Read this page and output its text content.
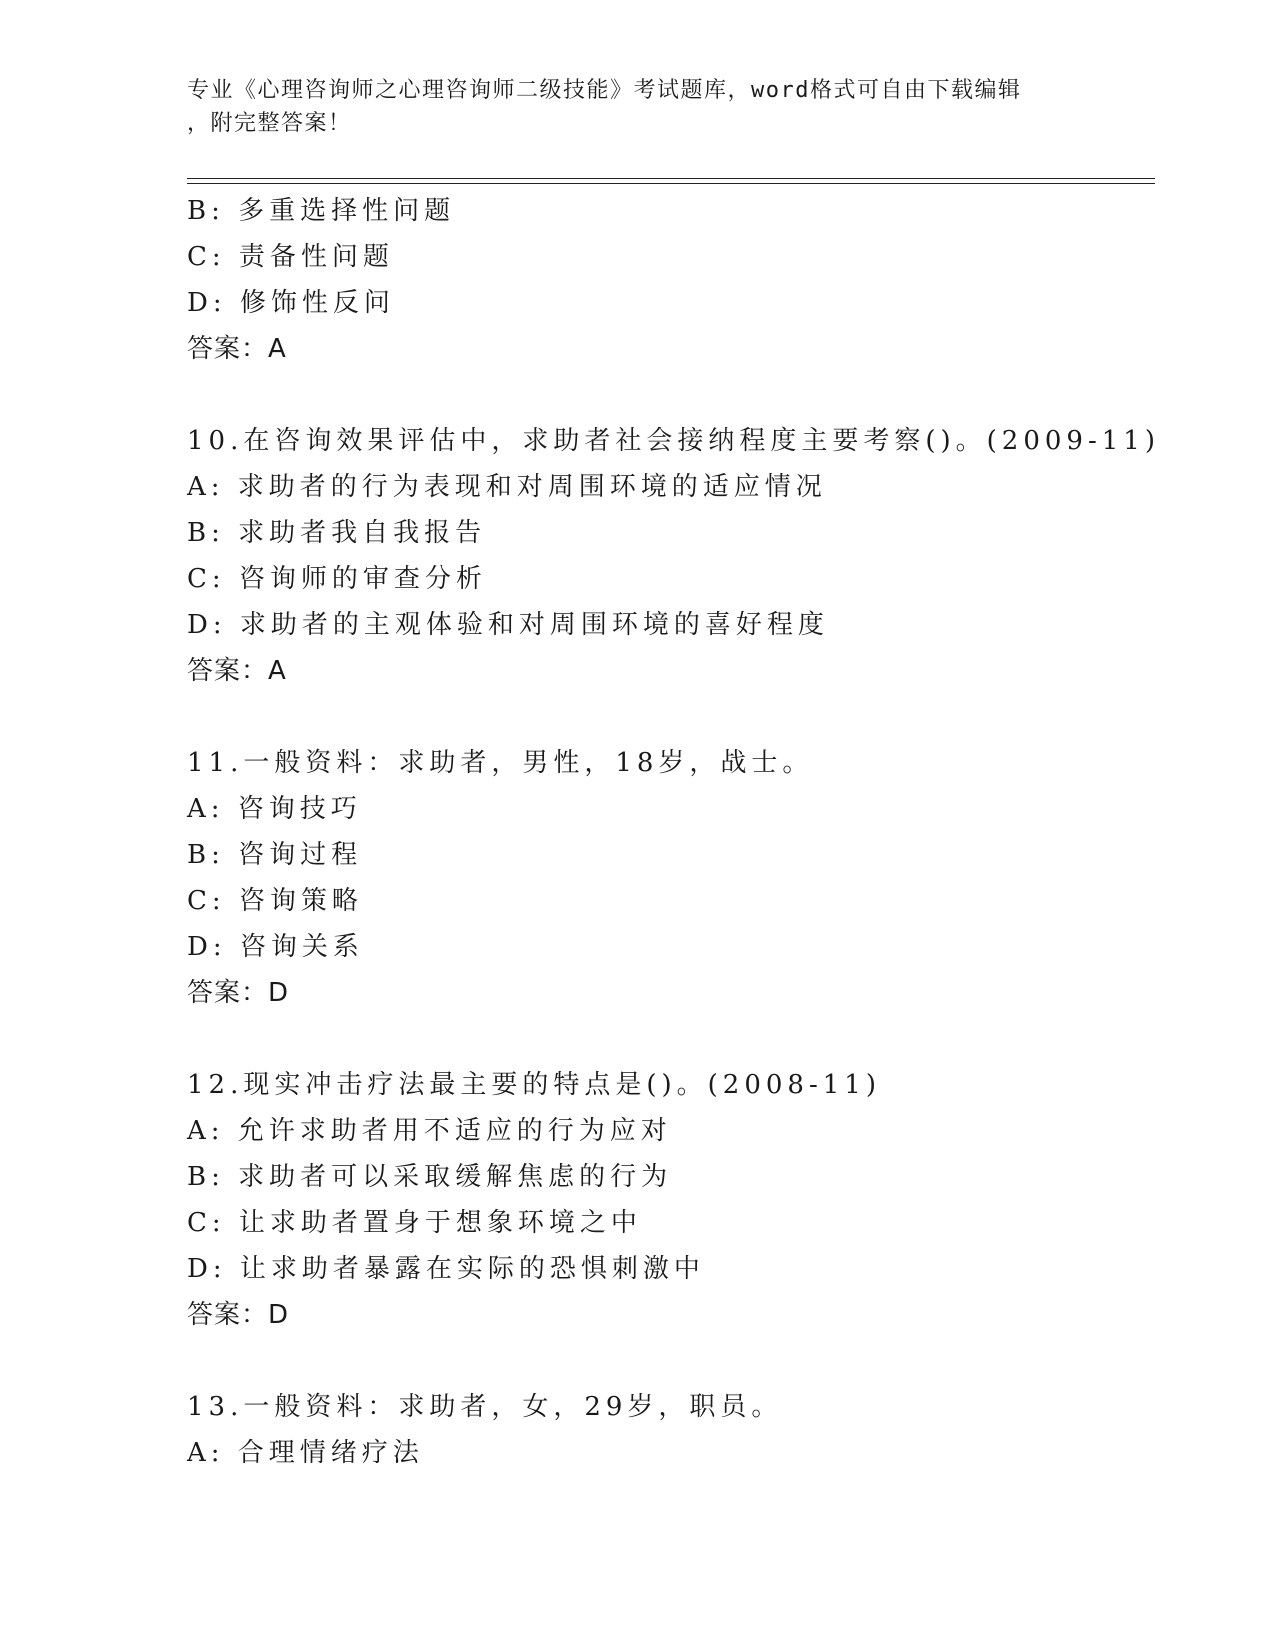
专业《心理咨询师之心理咨询师二级技能》考试题库，word格式可自由下载编辑
，附完整答案！
B: 多重选择性问题
C: 责备性问题
D: 修饰性反问
答案：A
10.在咨询效果评估中，求助者社会接纳程度主要考察()。(2009-11)
A: 求助者的行为表现和对周围环境的适应情况
B: 求助者我自我报告
C: 咨询师的审查分析
D: 求助者的主观体验和对周围环境的喜好程度
答案：A
11.一般资料：求助者，男性，18岁，战士。
A: 咨询技巧
B: 咨询过程
C: 咨询策略
D: 咨询关系
答案：D
12.现实冲击疗法最主要的特点是()。(2008-11)
A: 允许求助者用不适应的行为应对
B: 求助者可以采取缓解焦虑的行为
C: 让求助者置身于想象环境之中
D: 让求助者暴露在实际的恐惧刺激中
答案：D
13.一般资料：求助者，女，29岁，职员。
A: 合理情绪疗法
